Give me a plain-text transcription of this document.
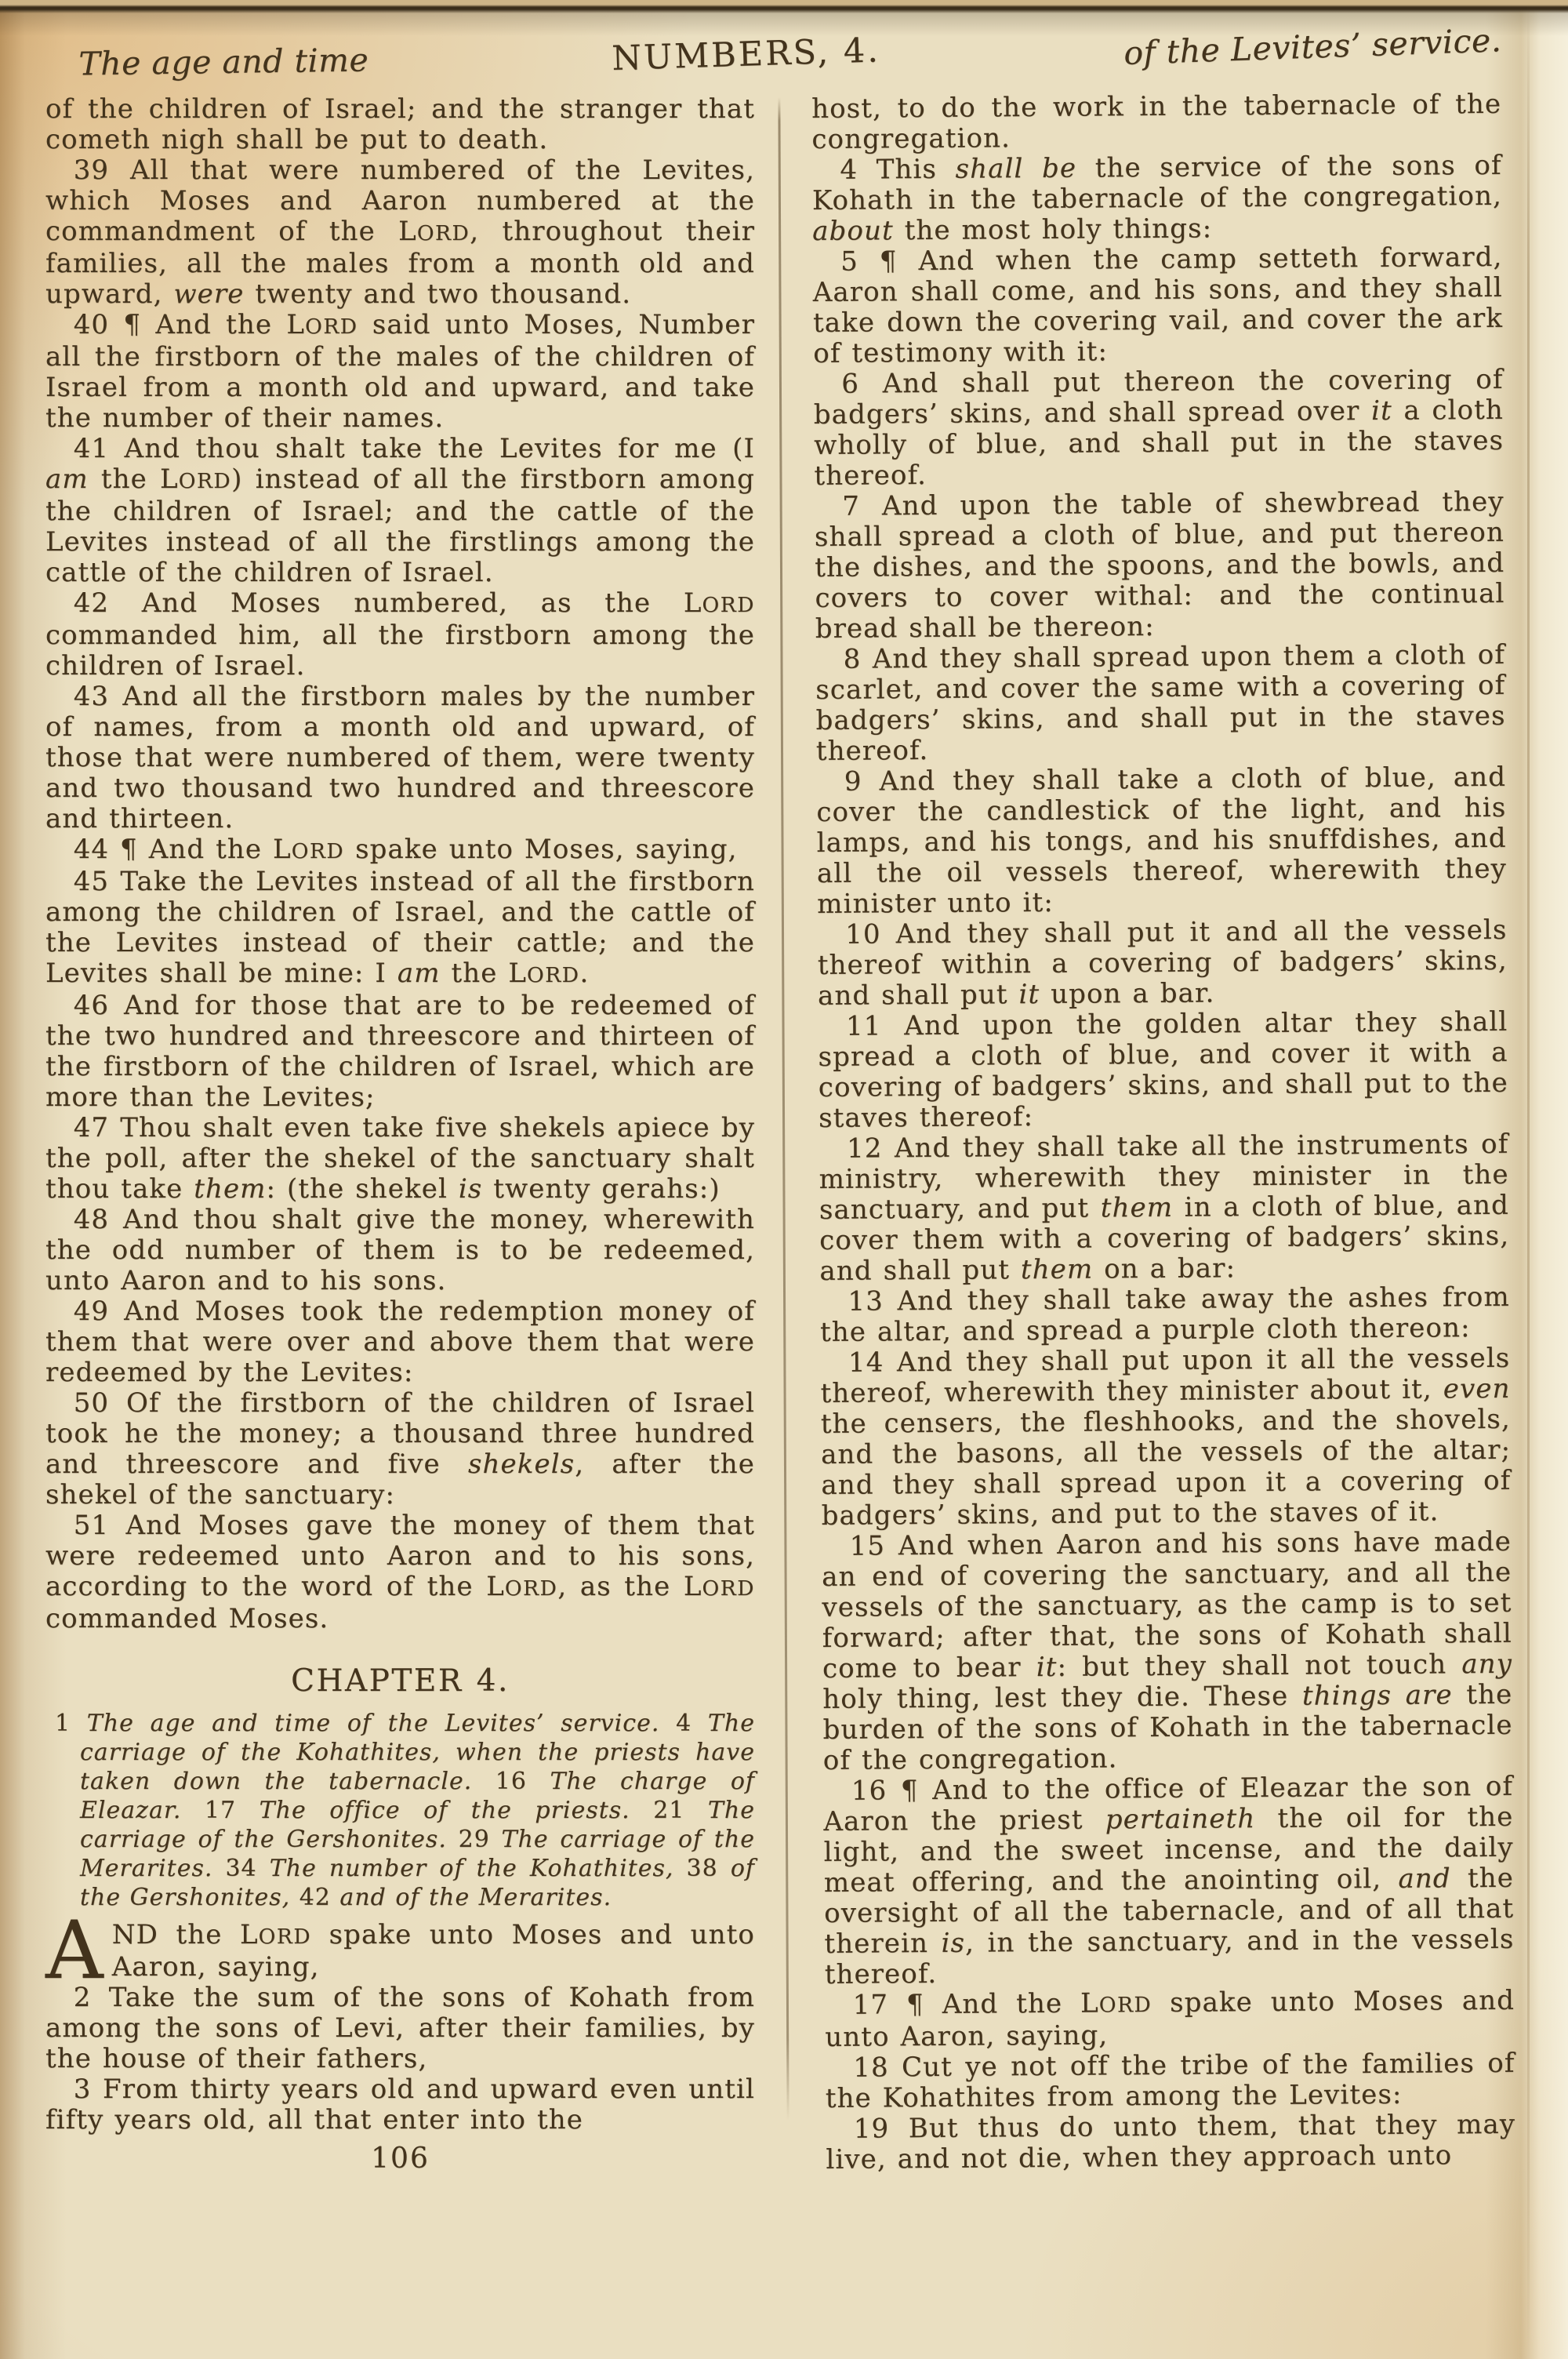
The age and time	NUMBERS, 4.	of the Levites’ service.

of the children of Israel; and the stranger that cometh nigh shall be put to death.

39 All that were numbered of the Levites, which Moses and Aaron numbered at the commandment of the LORD, throughout their families, all the males from a month old and upward, were twenty and two thousand.

40 ¶ And the LORD said unto Moses, Number all the firstborn of the males of the children of Israel from a month old and upward, and take the number of their names.

41 And thou shalt take the Levites for me (I am the LORD) instead of all the firstborn among the children of Israel; and the cattle of the Levites instead of all the firstlings among the cattle of the children of Israel.

42 And Moses numbered, as the LORD commanded him, all the firstborn among the children of Israel.

43 And all the firstborn males by the number of names, from a month old and upward, of those that were numbered of them, were twenty and two thousand two hundred and threescore and thirteen.

44 ¶ And the LORD spake unto Moses, saying,

45 Take the Levites instead of all the firstborn among the children of Israel, and the cattle of the Levites instead of their cattle; and the Levites shall be mine: I am the LORD.

46 And for those that are to be redeemed of the two hundred and threescore and thirteen of the firstborn of the children of Israel, which are more than the Levites;

47 Thou shalt even take five shekels apiece by the poll, after the shekel of the sanctuary shalt thou take them: (the shekel is twenty gerahs:)

48 And thou shalt give the money, wherewith the odd number of them is to be redeemed, unto Aaron and to his sons.

49 And Moses took the redemption money of them that were over and above them that were redeemed by the Levites:

50 Of the firstborn of the children of Israel took he the money; a thousand three hundred and threescore and five shekels, after the shekel of the sanctuary:

51 And Moses gave the money of them that were redeemed unto Aaron and to his sons, according to the word of the LORD, as the LORD commanded Moses.

CHAPTER 4.

1 The age and time of the Levites’ service. 4 The carriage of the Kohathites, when the priests have taken down the tabernacle. 16 The charge of Eleazar. 17 The office of the priests. 21 The carriage of the Gershonites. 29 The carriage of the Merarites. 34 The number of the Kohathites, 38 of the Gershonites, 42 and of the Merarites.

AND the LORD spake unto Moses and unto Aaron, saying,

2 Take the sum of the sons of Kohath from among the sons of Levi, after their families, by the house of their fathers,

3 From thirty years old and upward even until fifty years old, all that enter into the

106

host, to do the work in the tabernacle of the congregation.

4 This shall be the service of the sons of Kohath in the tabernacle of the congregation, about the most holy things:

5 ¶ And when the camp setteth forward, Aaron shall come, and his sons, and they shall take down the covering vail, and cover the ark of testimony with it:

6 And shall put thereon the covering of badgers’ skins, and shall spread over it a cloth wholly of blue, and shall put in the staves thereof.

7 And upon the table of shewbread they shall spread a cloth of blue, and put thereon the dishes, and the spoons, and the bowls, and covers to cover withal: and the continual bread shall be thereon:

8 And they shall spread upon them a cloth of scarlet, and cover the same with a covering of badgers’ skins, and shall put in the staves thereof.

9 And they shall take a cloth of blue, and cover the candlestick of the light, and his lamps, and his tongs, and his snuffdishes, and all the oil vessels thereof, wherewith they minister unto it:

10 And they shall put it and all the vessels thereof within a covering of badgers’ skins, and shall put it upon a bar.

11 And upon the golden altar they shall spread a cloth of blue, and cover it with a covering of badgers’ skins, and shall put to the staves thereof:

12 And they shall take all the instruments of ministry, wherewith they minister in the sanctuary, and put them in a cloth of blue, and cover them with a covering of badgers’ skins, and shall put them on a bar:

13 And they shall take away the ashes from the altar, and spread a purple cloth thereon:

14 And they shall put upon it all the vessels thereof, wherewith they minister about it, even the censers, the fleshhooks, and the shovels, and the basons, all the vessels of the altar; and they shall spread upon it a covering of badgers’ skins, and put to the staves of it.

15 And when Aaron and his sons have made an end of covering the sanctuary, and all the vessels of the sanctuary, as the camp is to set forward; after that, the sons of Kohath shall come to bear it: but they shall not touch any holy thing, lest they die. These things are the burden of the sons of Kohath in the tabernacle of the congregation.

16 ¶ And to the office of Eleazar the son of Aaron the priest pertaineth the oil for the light, and the sweet incense, and the daily meat offering, and the anointing oil, and the oversight of all the tabernacle, and of all that therein is, in the sanctuary, and in the vessels thereof.

17 ¶ And the LORD spake unto Moses and unto Aaron, saying,

18 Cut ye not off the tribe of the families of the Kohathites from among the Levites:

19 But thus do unto them, that they may live, and not die, when they approach unto
